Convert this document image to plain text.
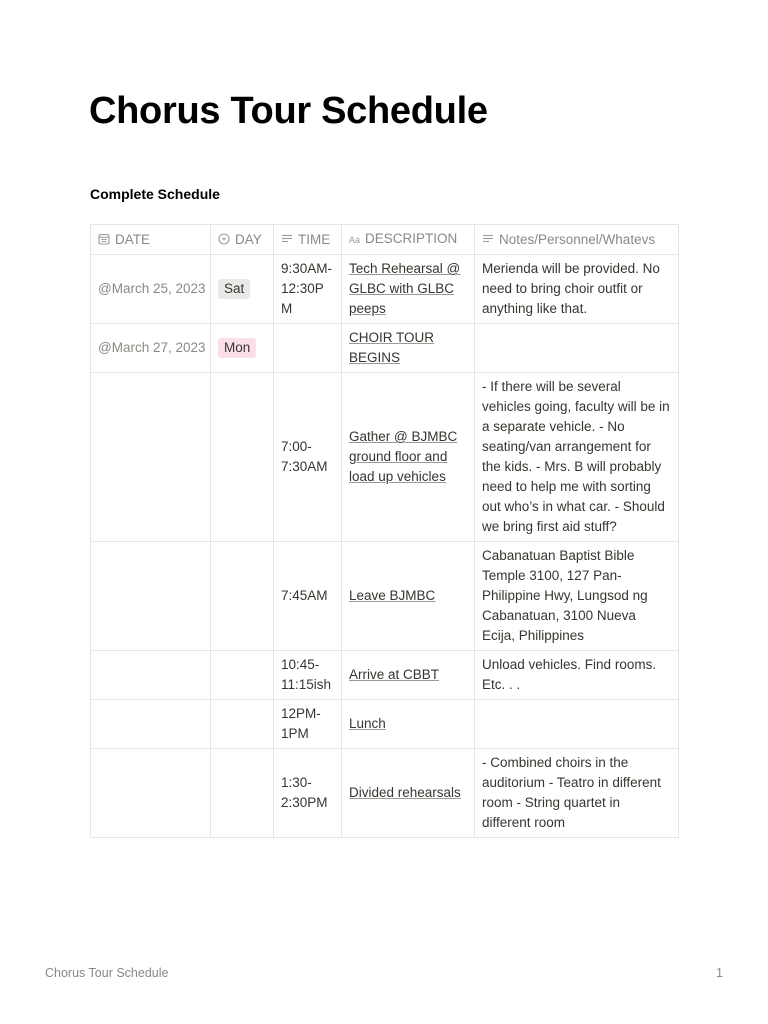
Chorus Tour Schedule
Complete Schedule
DATE	DAY	TIME	Aa DESCRIPTION	Notes/Personnel/Whatevs
@March 25, 2023	Sat	9:30AM-12:30PM	Tech Rehearsal @ GLBC with GLBC peeps	Merienda will be provided. No need to bring choir outfit or anything like that.
@March 27, 2023	Mon		CHOIR TOUR BEGINS	
		7:00-7:30AM	Gather @ BJMBC ground floor and load up vehicles	- If there will be several vehicles going, faculty will be in a separate vehicle. - No seating/van arrangement for the kids. - Mrs. B will probably need to help me with sorting out who’s in what car. - Should we bring first aid stuff?
		7:45AM	Leave BJMBC	Cabanatuan Baptist Bible Temple 3100, 127 Pan-Philippine Hwy, Lungsod ng Cabanatuan, 3100 Nueva Ecija, Philippines
		10:45-11:15ish	Arrive at CBBT	Unload vehicles. Find rooms. Etc. . .
		12PM-1PM	Lunch	
		1:30-2:30PM	Divided rehearsals	- Combined choirs in the auditorium - Teatro in different room - String quartet in different room
Chorus Tour Schedule	1
